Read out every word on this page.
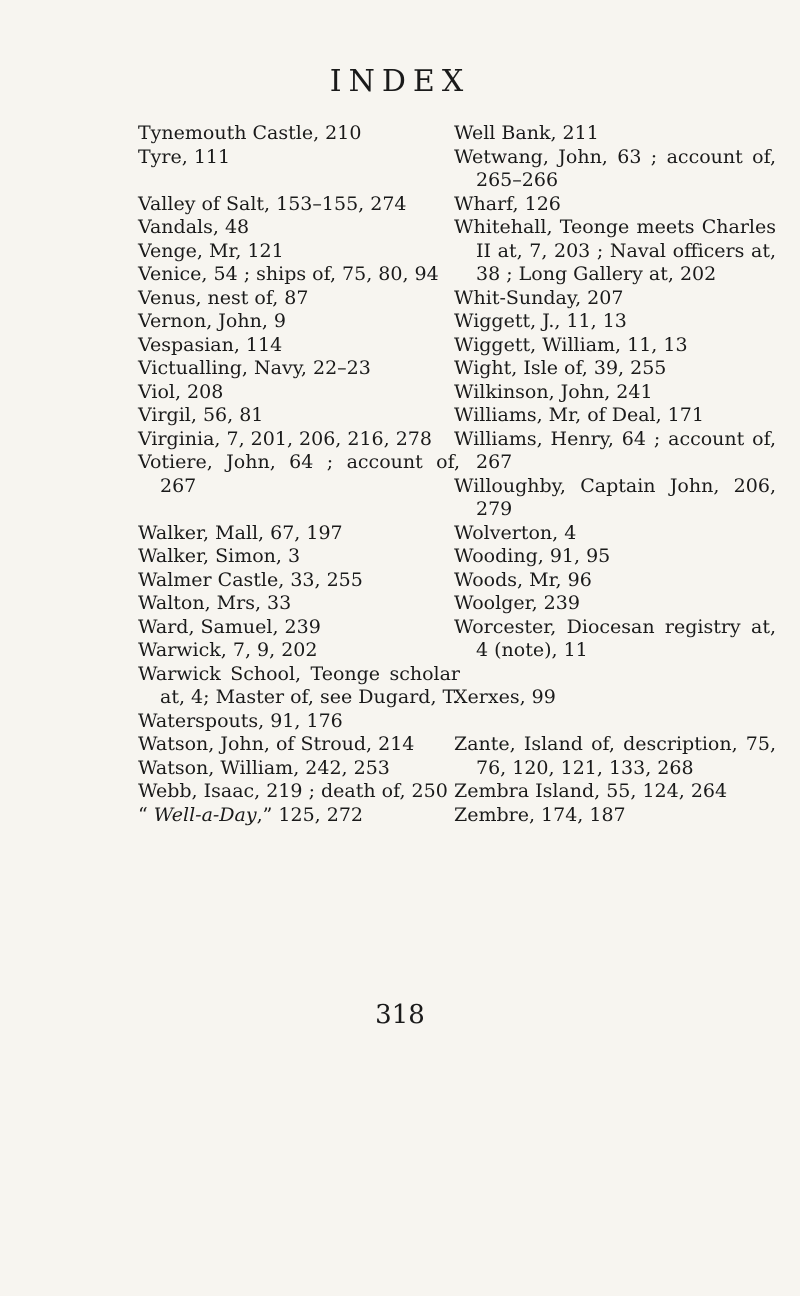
INDEX

Tynemouth Castle, 210

Tyre, 111

Valley of Salt, 153–155, 274

Vandals, 48

Venge, Mr, 121

Venice, 54 ; ships of, 75, 80, 94

Venus, nest of, 87

Vernon, John, 9

Vespasian, 114

Victualling, Navy, 22–23

Viol, 208

Virgil, 56, 81

Virginia, 7, 201, 206, 216, 278

Votiere, John, 64 ; account of, 267

Walker, Mall, 67, 197

Walker, Simon, 3

Walmer Castle, 33, 255

Walton, Mrs, 33

Ward, Samuel, 239

Warwick, 7, 9, 202

Warwick School, Teonge scholar at, 4; Master of, see Dugard, T.

Waterspouts, 91, 176

Watson, John, of Stroud, 214

Watson, William, 242, 253

Webb, Isaac, 219 ; death of, 250

“ Well-a-Day,” 125, 272

Well Bank, 211

Wetwang, John, 63 ; account of, 265–266

Wharf, 126

Whitehall, Teonge meets Charles II at, 7, 203 ; Naval officers at, 38 ; Long Gallery at, 202

Whit-Sunday, 207

Wiggett, J., 11, 13

Wiggett, William, 11, 13

Wight, Isle of, 39, 255

Wilkinson, John, 241

Williams, Mr, of Deal, 171

Williams, Henry, 64 ; account of, 267

Willoughby, Captain John, 206, 279

Wolverton, 4

Wooding, 91, 95

Woods, Mr, 96

Woolger, 239

Worcester, Diocesan registry at, 4 (note), 11

Xerxes, 99

Zante, Island of, description, 75, 76, 120, 121, 133, 268

Zembra Island, 55, 124, 264

Zembre, 174, 187

318
